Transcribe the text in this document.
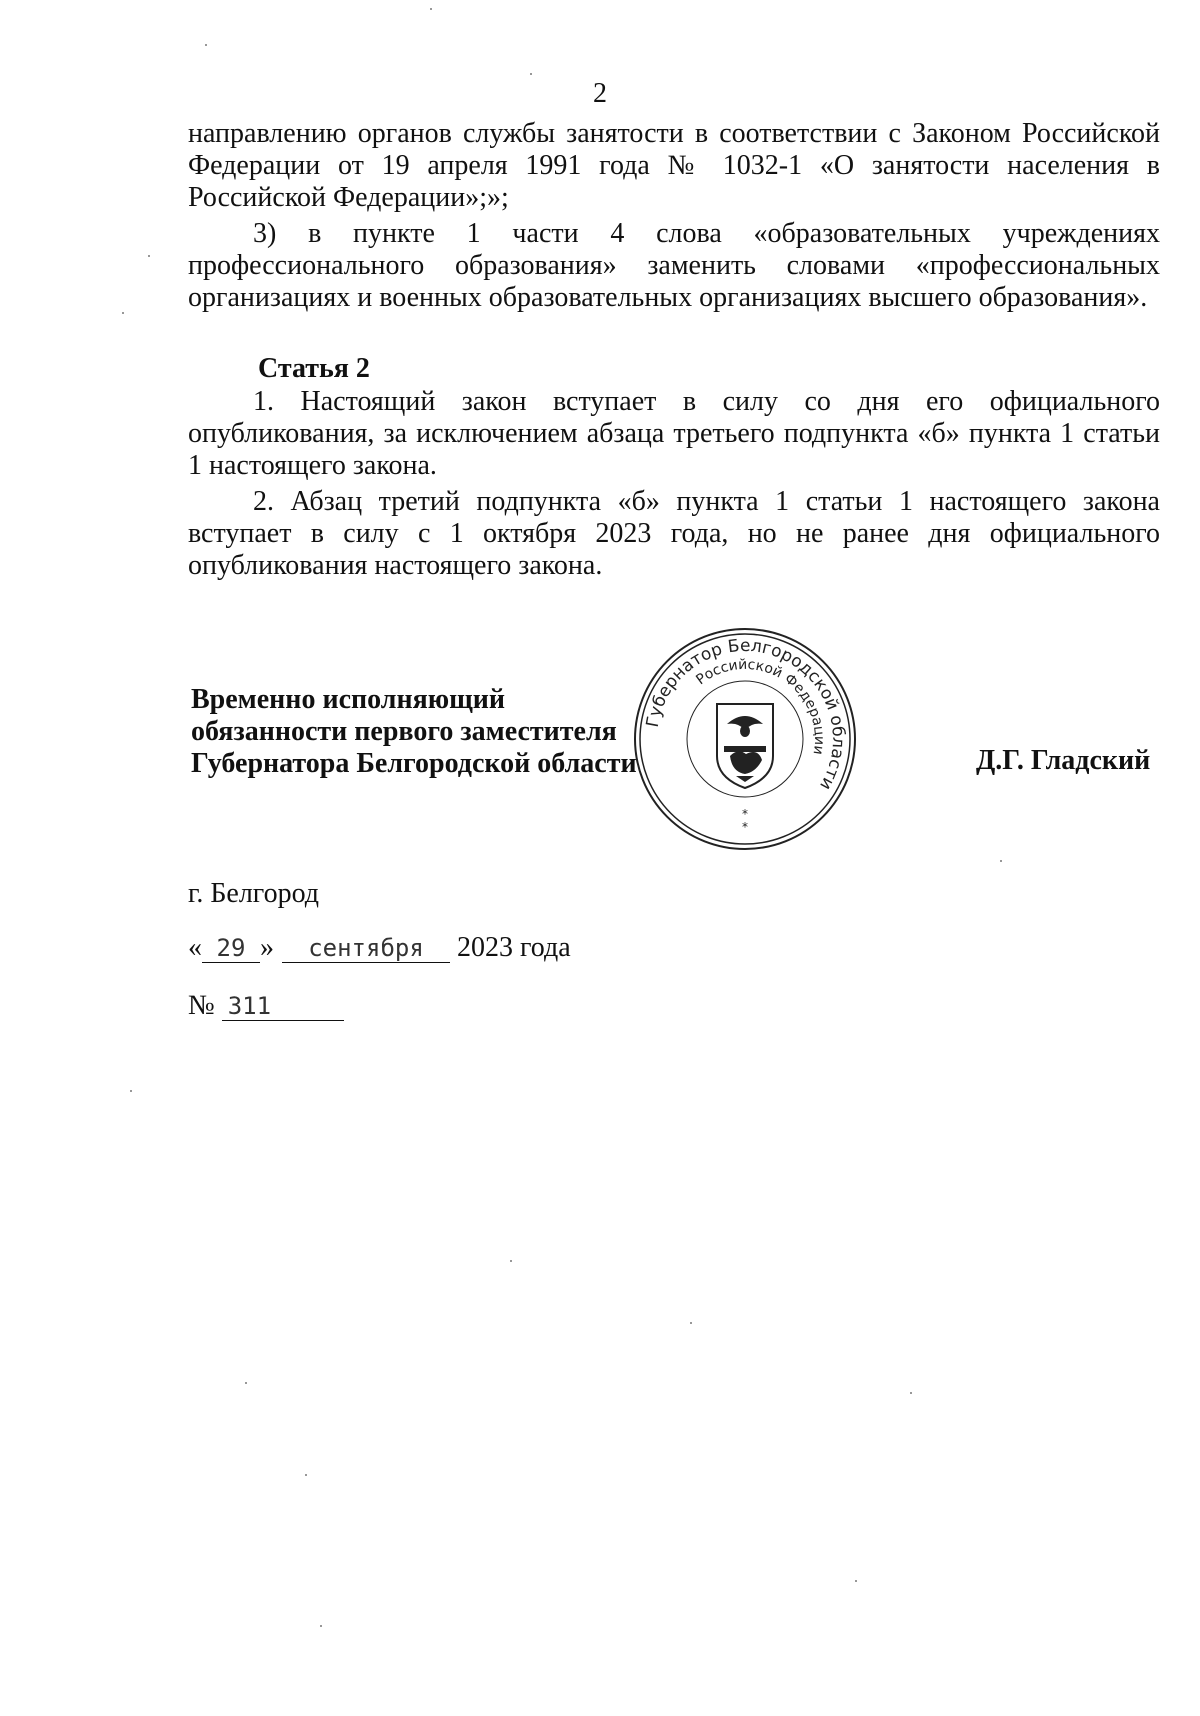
2

направлению органов службы занятости в соответствии с Законом Российской Федерации от 19 апреля 1991 года № 1032-1 «О занятости населения в Российской Федерации»;»;

3) в пункте 1 части 4 слова «образовательных учреждениях профессионального образования» заменить словами «профессиональных организациях и военных образовательных организациях высшего образования».

Статья 2

1. Настоящий закон вступает в силу со дня его официального опубликования, за исключением абзаца третьего подпункта «б» пункта 1 статьи 1 настоящего закона.

2. Абзац третий подпункта «б» пункта 1 статьи 1 настоящего закона вступает в силу с 1 октября 2023 года, но не ранее дня официального опубликования настоящего закона.

Губернатор Белгородской области
Российской Федерации
*
*
Временно исполняющий
обязанности первого заместителя
Губернатора Белгородской области	Д.Г. Гладский
г. Белгород
« 29 » сентября 2023 года
№ 311
